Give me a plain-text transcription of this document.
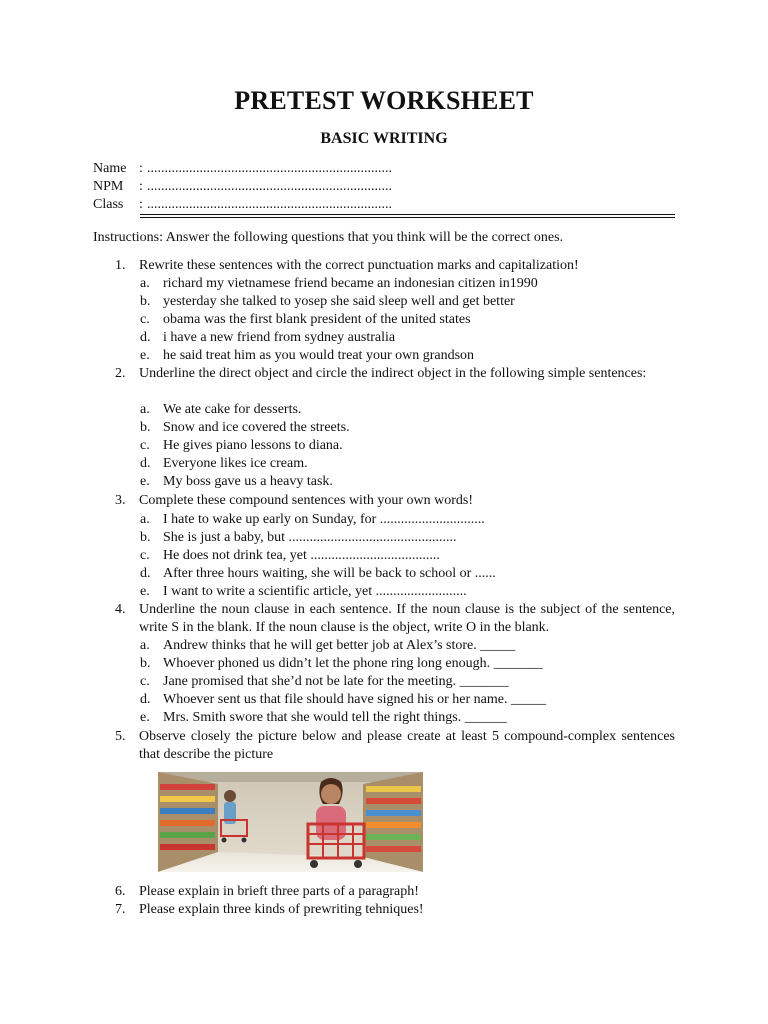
PRETEST WORKSHEET
BASIC WRITING
Name : ......................................................................
NPM : ......................................................................
Class : ......................................................................
Instructions: Answer the following questions that you think will be the correct ones.
1. Rewrite these sentences with the correct punctuation marks and capitalization!
a. richard my vietnamese friend became an indonesian citizen in1990
b. yesterday she talked to yosep she said sleep well and get better
c. obama was the first blank president of the united states
d. i have a new friend from sydney australia
e. he said treat him as you would treat your own grandson
2. Underline the direct object and circle the indirect object in the following simple sentences:
a. We ate cake for desserts.
b. Snow and ice covered the streets.
c. He gives piano lessons to diana.
d. Everyone likes ice cream.
e. My boss gave us a heavy task.
3. Complete these compound sentences with your own words!
a. I hate to wake up early on Sunday, for ..............................
b. She is just a baby, but ................................................
c. He does not drink tea, yet .....................................
d. After three hours waiting, she will be back to school or ......
e. I want to write a scientific article, yet ..........................
4. Underline the noun clause in each sentence. If the noun clause is the subject of the sentence, write S in the blank. If the noun clause is the object, write O in the blank.
a. Andrew thinks that he will get better job at Alex’s store. _____
b. Whoever phoned us didn’t let the phone ring long enough. _______
c. Jane promised that she’d not be late for the meeting. _______
d. Whoever sent us that file should have signed his or her name. _____
e. Mrs. Smith swore that she would tell the right things. ______
5. Observe closely the picture below and please create at least 5 compound-complex sentences that describe the picture
6. Please explain in brieft three parts of a paragraph!
7. Please explain three kinds of prewriting tehniques!
